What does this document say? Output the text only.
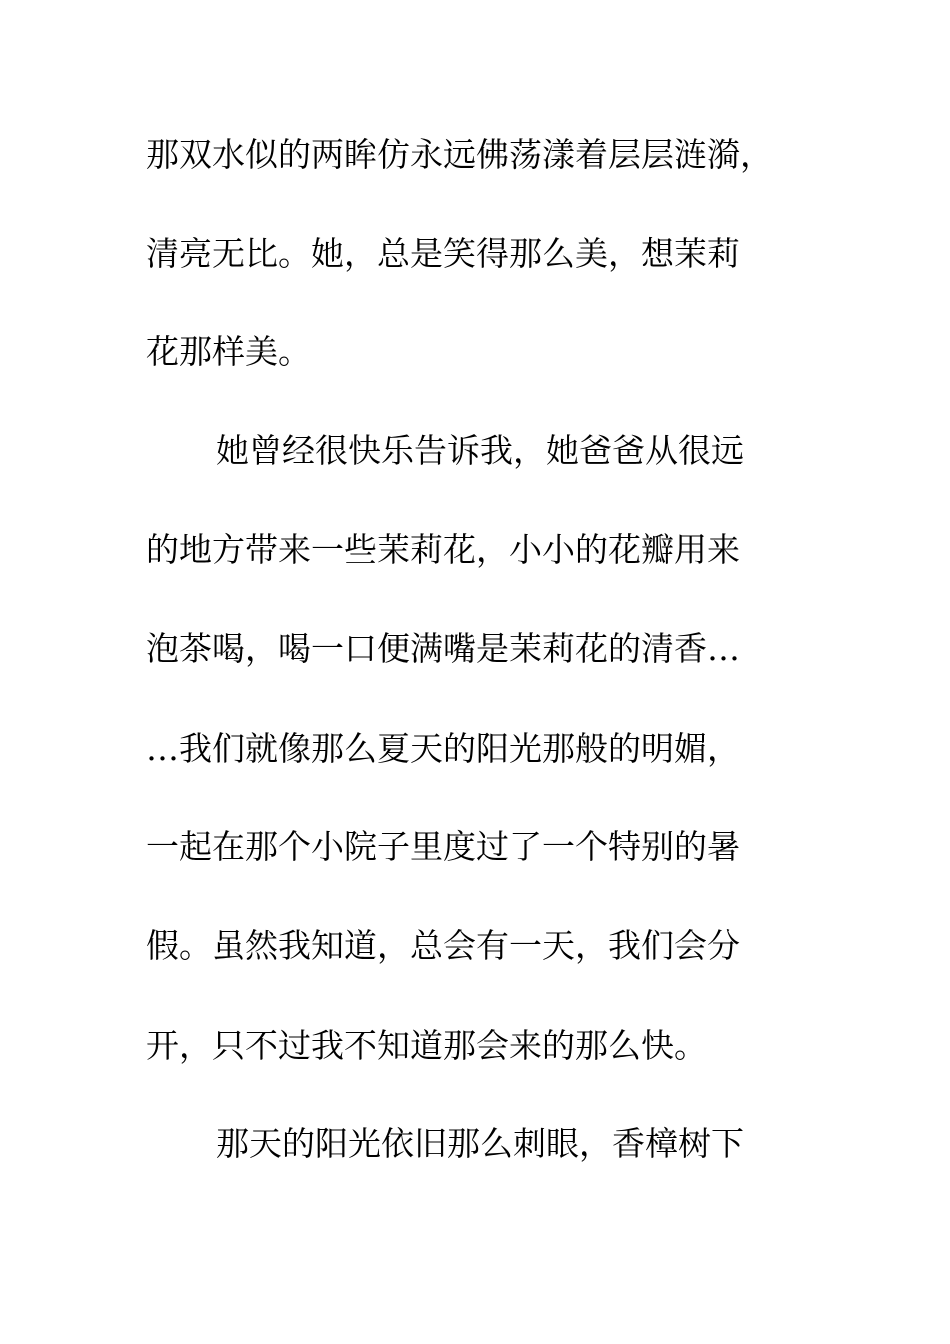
那双水似的两眸仿永远佛荡漾着层层涟漪，
清亮无比。她，总是笑得那么美，想茉莉
花那样美。
她曾经很快乐告诉我，她爸爸从很远
的地方带来一些茉莉花，小小的花瓣用来
泡茶喝，喝一口便满嘴是茉莉花的清香…
…我们就像那么夏天的阳光那般的明媚，
一起在那个小院子里度过了一个特别的暑
假。虽然我知道，总会有一天，我们会分
开，只不过我不知道那会来的那么快。
那天的阳光依旧那么刺眼，香樟树下
